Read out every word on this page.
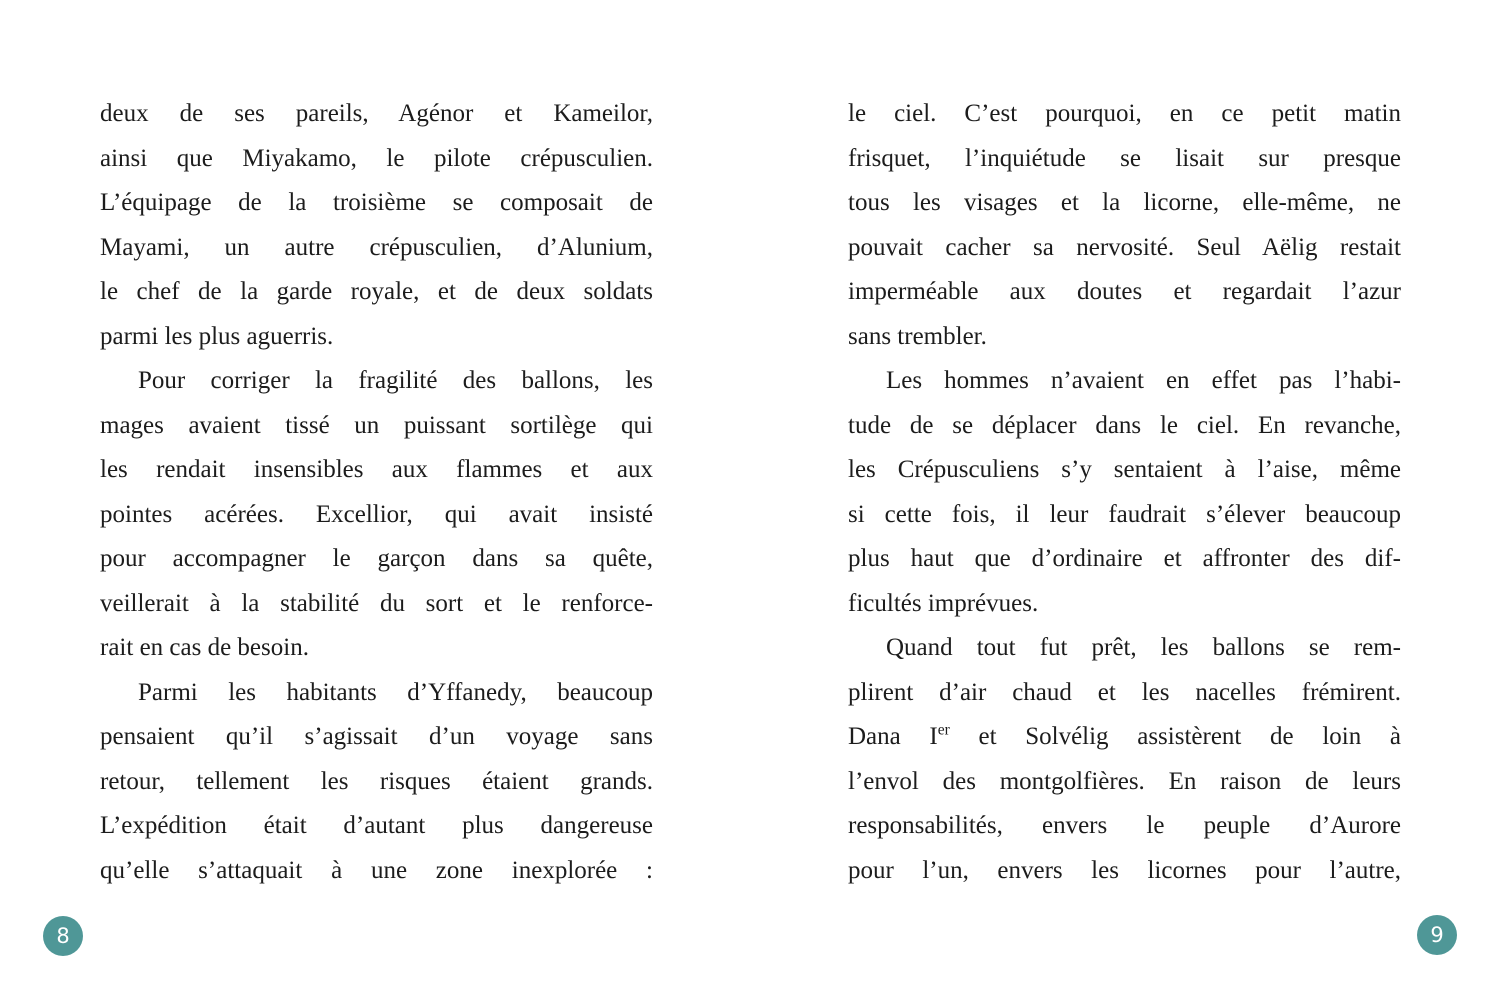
deux de ses pareils, Agénor et Kameilor,
ainsi que Miyakamo, le pilote crépusculien.
L’équipage de la troisième se composait de
Mayami, un autre crépusculien, d’Alunium,
le chef de la garde royale, et de deux soldats
parmi les plus aguerris.
Pour corriger la fragilité des ballons, les
mages avaient tissé un puissant sortilège qui
les rendait insensibles aux flammes et aux
pointes acérées. Excellior, qui avait insisté
pour accompagner le garçon dans sa quête,
veillerait à la stabilité du sort et le renforce-
rait en cas de besoin.
Parmi les habitants d’Yffanedy, beaucoup
pensaient qu’il s’agissait d’un voyage sans
retour, tellement les risques étaient grands.
L’expédition était d’autant plus dangereuse
qu’elle s’attaquait à une zone inexplorée :
le ciel. C’est pourquoi, en ce petit matin
frisquet, l’inquiétude se lisait sur presque
tous les visages et la licorne, elle-même, ne
pouvait cacher sa nervosité. Seul Aëlig restait
imperméable aux doutes et regardait l’azur
sans trembler.
Les hommes n’avaient en effet pas l’habi-
tude de se déplacer dans le ciel. En revanche,
les Crépusculiens s’y sentaient à l’aise, même
si cette fois, il leur faudrait s’élever beaucoup
plus haut que d’ordinaire et affronter des dif-
ficultés imprévues.
Quand tout fut prêt, les ballons se rem-
plirent d’air chaud et les nacelles frémirent.
Dana Ier et Solvélig assistèrent de loin à
l’envol des montgolfières. En raison de leurs
responsabilités, envers le peuple d’Aurore
pour l’un, envers les licornes pour l’autre,
8	9
